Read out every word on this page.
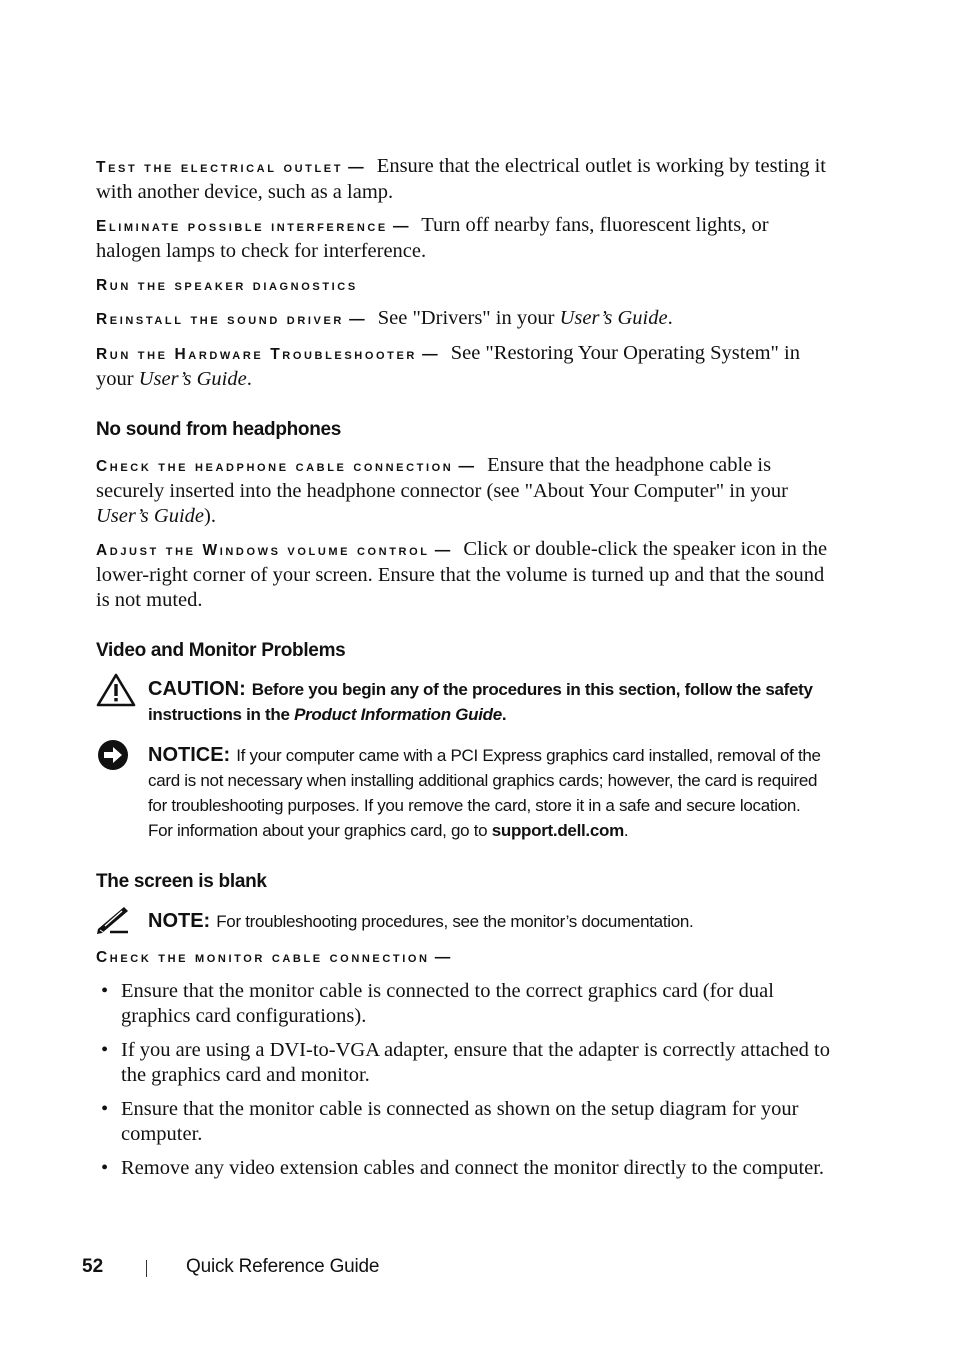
Test the electrical outlet — Ensure that the electrical outlet is working by testing it with another device, such as a lamp.

Eliminate possible interference — Turn off nearby fans, fluorescent lights, or halogen lamps to check for interference.

Run the speaker diagnostics

Reinstall the sound driver — See "Drivers" in your User’s Guide.

Run the Hardware Troubleshooter — See "Restoring Your Operating System" in your User’s Guide.

No sound from headphones

Check the headphone cable connection — Ensure that the headphone cable is securely inserted into the headphone connector (see "About Your Computer" in your User’s Guide).

Adjust the Windows volume control — Click or double-click the speaker icon in the lower-right corner of your screen. Ensure that the volume is turned up and that the sound is not muted.

Video and Monitor Problems
CAUTION: Before you begin any of the procedures in this section, follow the safety instructions in the Product Information Guide.
NOTICE: If your computer came with a PCI Express graphics card installed, removal of the card is not necessary when installing additional graphics cards; however, the card is required for troubleshooting purposes. If you remove the card, store it in a safe and secure location. For information about your graphics card, go to support.dell.com.
The screen is blank
NOTE: For troubleshooting procedures, see the monitor’s documentation.

Check the monitor cable connection —

• Ensure that the monitor cable is connected to the correct graphics card (for dual graphics card configurations).
• If you are using a DVI-to-VGA adapter, ensure that the adapter is correctly attached to the graphics card and monitor.
• Ensure that the monitor cable is connected as shown on the setup diagram for your computer.
• Remove any video extension cables and connect the monitor directly to the computer.
52	Quick Reference Guide
